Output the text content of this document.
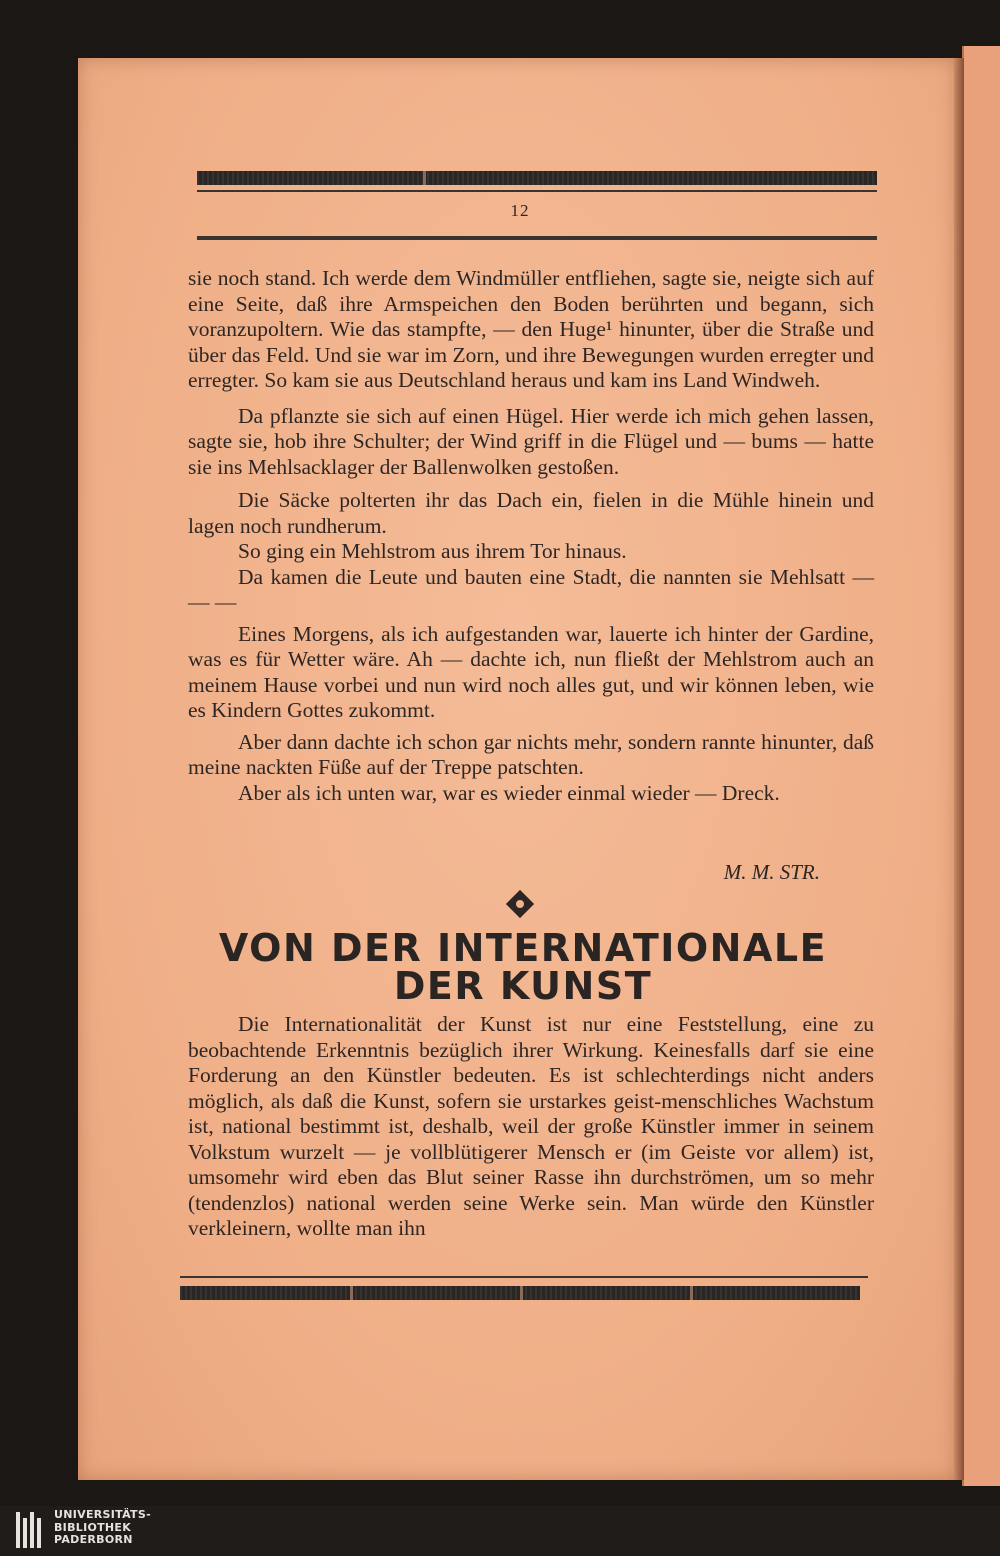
12

sie noch stand. Ich werde dem Windmüller entfliehen, sagte sie, neigte sich auf eine Seite, daß ihre Armspeichen den Boden berührten und begann, sich voranzupoltern. Wie das stampfte, — den Huge¹ hinunter, über die Straße und über das Feld. Und sie war im Zorn, und ihre Bewegungen wurden erregter und erregter. So kam sie aus Deutschland heraus und kam ins Land Windweh.

Da pflanzte sie sich auf einen Hügel. Hier werde ich mich gehen lassen, sagte sie, hob ihre Schulter; der Wind griff in die Flügel und — bums — hatte sie ins Mehlsacklager der Ballenwolken gestoßen.

Die Säcke polterten ihr das Dach ein, fielen in die Mühle hinein und lagen noch rundherum.

So ging ein Mehlstrom aus ihrem Tor hinaus.

Da kamen die Leute und bauten eine Stadt, die nannten sie Mehlsatt — — —

Eines Morgens, als ich aufgestanden war, lauerte ich hinter der Gardine, was es für Wetter wäre. Ah — dachte ich, nun fließt der Mehlstrom auch an meinem Hause vorbei und nun wird noch alles gut, und wir können leben, wie es Kindern Gottes zukommt.

Aber dann dachte ich schon gar nichts mehr, sondern rannte hinunter, daß meine nackten Füße auf der Treppe patschten.

Aber als ich unten war, war es wieder einmal wieder — Dreck.

M. M. STR.
VON DER INTERNATIONALE
DER KUNST

Die Internationalität der Kunst ist nur eine Feststellung, eine zu beobachtende Erkenntnis bezüglich ihrer Wirkung. Keinesfalls darf sie eine Forderung an den Künstler bedeuten. Es ist schlechterdings nicht anders möglich, als daß die Kunst, sofern sie urstarkes geist-menschliches Wachstum ist, national bestimmt ist, deshalb, weil der große Künstler immer in seinem Volkstum wurzelt — je vollblütigerer Mensch er (im Geiste vor allem) ist, umsomehr wird eben das Blut seiner Rasse ihn durchströmen, um so mehr (tendenzlos) national werden seine Werke sein. Man würde den Künstler verkleinern, wollte man ihn

UNIVERSITÄTS-
BIBLIOTHEK
PADERBORN
